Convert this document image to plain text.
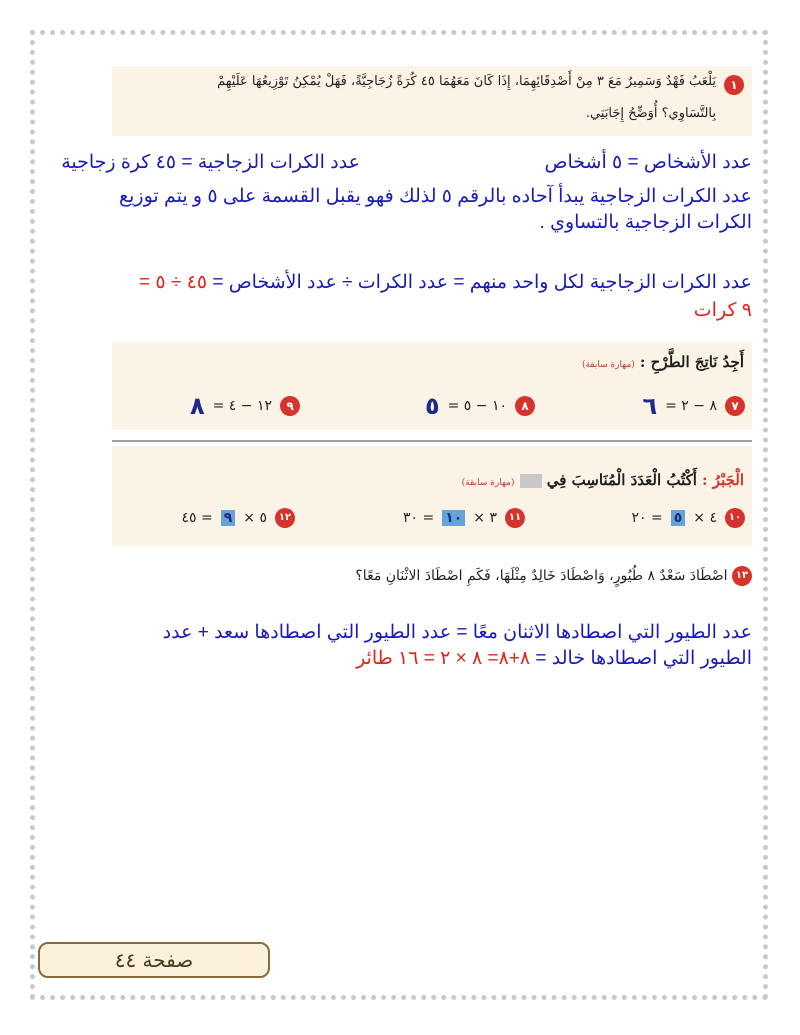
١
يَلْعَبُ فَهْدٌ وَسَمِيرٌ مَعَ ٣ مِنْ أَصْدِقَائِهِمَا، إِذَا كَانَ مَعَهُمَا ٤٥ كُرَةً زُجَاجِيَّةً، فَهَلْ يُمْكِنُ تَوْزِيعُهَا عَلَيْهِمْ
بِالتَّسَاوِي؟ أُوَضِّحُ إِجَابَتِي.
عدد الأشخاص = ٥ أشخاص
عدد الكرات الزجاجية = ٤٥ كرة زجاجية
عدد الكرات الزجاجية يبدأ آحاده بالرقم ٥ لذلك فهو يقبل القسمة على ٥ و يتم توزيع
الكرات الزجاجية بالتساوي .
عدد الكرات الزجاجية لكل واحد منهم = عدد الكرات ÷ عدد الأشخاص = ٤٥ ÷ ٥ =
٩ كرات
أَجِدُ نَاتِجَ الطَّرْحِ : (مهارة سابقة)
٧
٨ − ٢ =
٦
٨
١٠ − ٥ =
٥
٩
١٢ − ٤ =
٨
الْجَبْرُ : أَكْتُبُ الْعَدَدَ الْمُنَاسِبَ فِي  (مهارة سابقة)
١٠
٤ ×
٥
= ٢٠
١١
٣ ×
١٠
= ٣٠
١٢
٥ ×
٩
= ٤٥
١٣ اصْطَادَ سَعْدٌ ٨ طُيُورٍ، وَاصْطَادَ خَالِدٌ مِثْلَهَا، فَكَمِ اصْطَادَ الاثْنَانِ مَعًا؟
عدد الطيور التي اصطادها الاثنان معًا = عدد الطيور التي اصطادها سعد + عدد
الطيور التي اصطادها خالد = ٨+٨= ٨ × ٢ = ١٦ طائر
صفحة ٤٤
